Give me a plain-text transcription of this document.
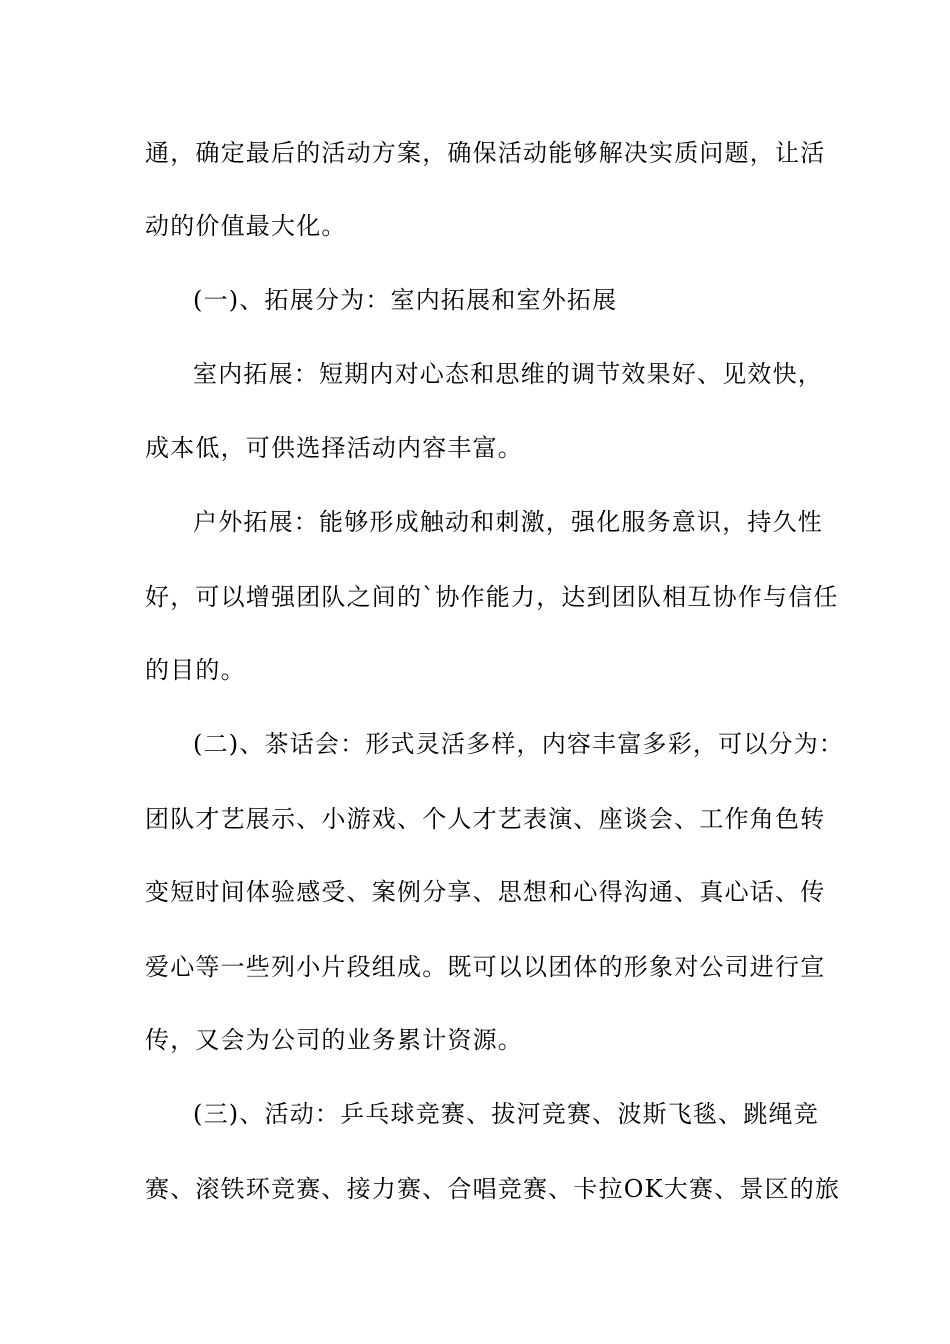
通，确定最后的活动方案，确保活动能够解决实质问题，让活
动的价值最大化。
(一)、拓展分为：室内拓展和室外拓展
室内拓展：短期内对心态和思维的调节效果好、见效快，
成本低，可供选择活动内容丰富。
户外拓展：能够形成触动和刺激，强化服务意识，持久性
好，可以增强团队之间的`协作能力，达到团队相互协作与信任
的目的。
(二)、茶话会：形式灵活多样，内容丰富多彩，可以分为：
团队才艺展示、小游戏、个人才艺表演、座谈会、工作角色转
变短时间体验感受、案例分享、思想和心得沟通、真心话、传
爱心等一些列小片段组成。既可以以团体的形象对公司进行宣
传，又会为公司的业务累计资源。
(三)、活动：乒乓球竞赛、拔河竞赛、波斯飞毯、跳绳竞
赛、滚铁环竞赛、接力赛、合唱竞赛、卡拉OK大赛、景区的旅
